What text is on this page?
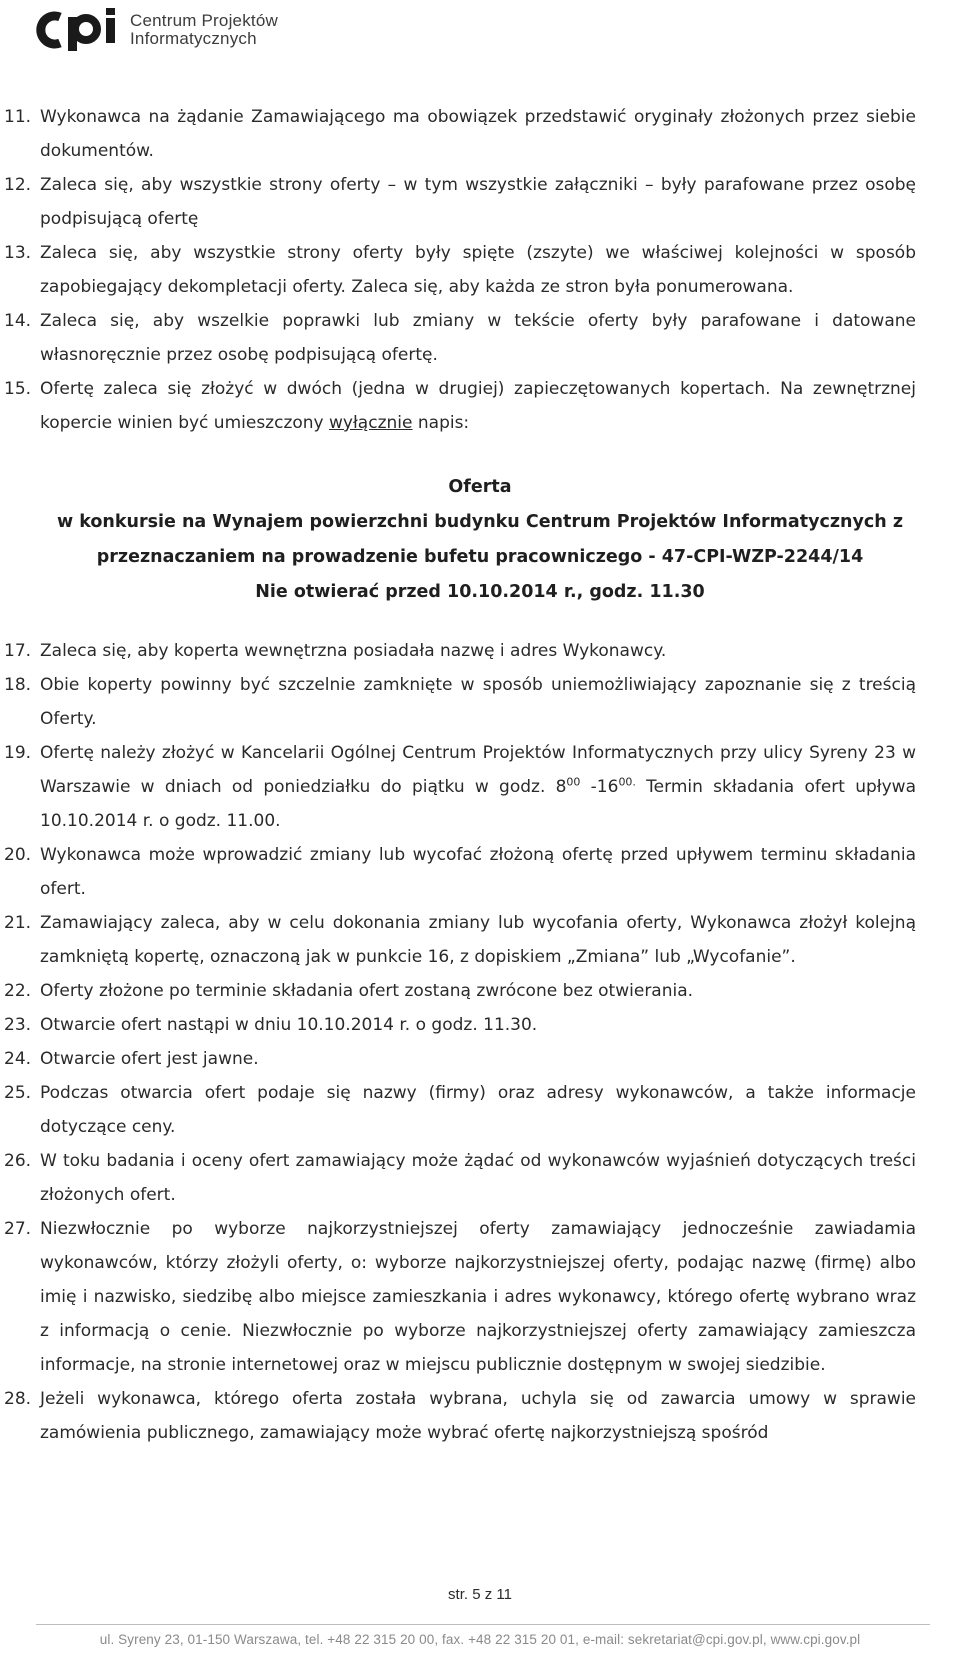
Centrum Projektów
Informatycznych

11. Wykonawca na żądanie Zamawiającego ma obowiązek przedstawić oryginały złożonych przez siebie dokumentów.

12. Zaleca się, aby wszystkie strony oferty – w tym wszystkie załączniki – były parafowane przez osobę podpisującą ofertę

13. Zaleca się, aby wszystkie strony oferty były spięte (zszyte) we właściwej kolejności w sposób zapobiegający dekompletacji oferty. Zaleca się, aby każda ze stron była ponumerowana.

14. Zaleca się, aby wszelkie poprawki lub zmiany w tekście oferty były parafowane i datowane własnoręcznie przez osobę podpisującą ofertę.

15. Ofertę zaleca się złożyć w dwóch (jedna w drugiej) zapieczętowanych kopertach. Na zewnętrznej kopercie winien być umieszczony wyłącznie napis:

Oferta
w konkursie na Wynajem powierzchni budynku Centrum Projektów Informatycznych z
przeznaczaniem na prowadzenie bufetu pracowniczego - 47-CPI-WZP-2244/14
Nie otwierać przed 10.10.2014 r., godz. 11.30

17. Zaleca się, aby koperta wewnętrzna posiadała nazwę i adres Wykonawcy.

18. Obie koperty powinny być szczelnie zamknięte w sposób uniemożliwiający zapoznanie się z treścią Oferty.

19. Ofertę należy złożyć w Kancelarii Ogólnej Centrum Projektów Informatycznych przy ulicy Syreny 23 w Warszawie w dniach od poniedziałku do piątku w godz. $8^{00}$ $-16^{00.}$ Termin składania ofert upływa 10.10.2014 r. o godz. 11.00.

20. Wykonawca może wprowadzić zmiany lub wycofać złożoną ofertę przed upływem terminu składania ofert.

21. Zamawiający zaleca, aby w celu dokonania zmiany lub wycofania oferty, Wykonawca złożył kolejną zamkniętą kopertę, oznaczoną jak w punkcie 16, z dopiskiem „Zmiana” lub „Wycofanie”.

22. Oferty złożone po terminie składania ofert zostaną zwrócone bez otwierania.

23. Otwarcie ofert nastąpi w dniu 10.10.2014 r. o godz. 11.30.

24. Otwarcie ofert jest jawne.

25. Podczas otwarcia ofert podaje się nazwy (firmy) oraz adresy wykonawców, a także informacje dotyczące ceny.

26. W toku badania i oceny ofert zamawiający może żądać od wykonawców wyjaśnień dotyczących treści złożonych ofert.

27. Niezwłocznie po wyborze najkorzystniejszej oferty zamawiający jednocześnie zawiadamia wykonawców, którzy złożyli oferty, o: wyborze najkorzystniejszej oferty, podając nazwę (firmę) albo imię i nazwisko, siedzibę albo miejsce zamieszkania i adres wykonawcy, którego ofertę wybrano wraz z informacją o cenie. Niezwłocznie po wyborze najkorzystniejszej oferty zamawiający zamieszcza informacje, na stronie internetowej oraz w miejscu publicznie dostępnym w swojej siedzibie.

28. Jeżeli wykonawca, którego oferta została wybrana, uchyla się od zawarcia umowy w sprawie zamówienia publicznego, zamawiający może wybrać ofertę najkorzystniejszą spośród

str. 5 z 11
ul. Syreny 23, 01-150 Warszawa, tel. +48 22 315 20 00, fax. +48 22 315 20 01, e-mail: sekretariat@cpi.gov.pl, www.cpi.gov.pl
